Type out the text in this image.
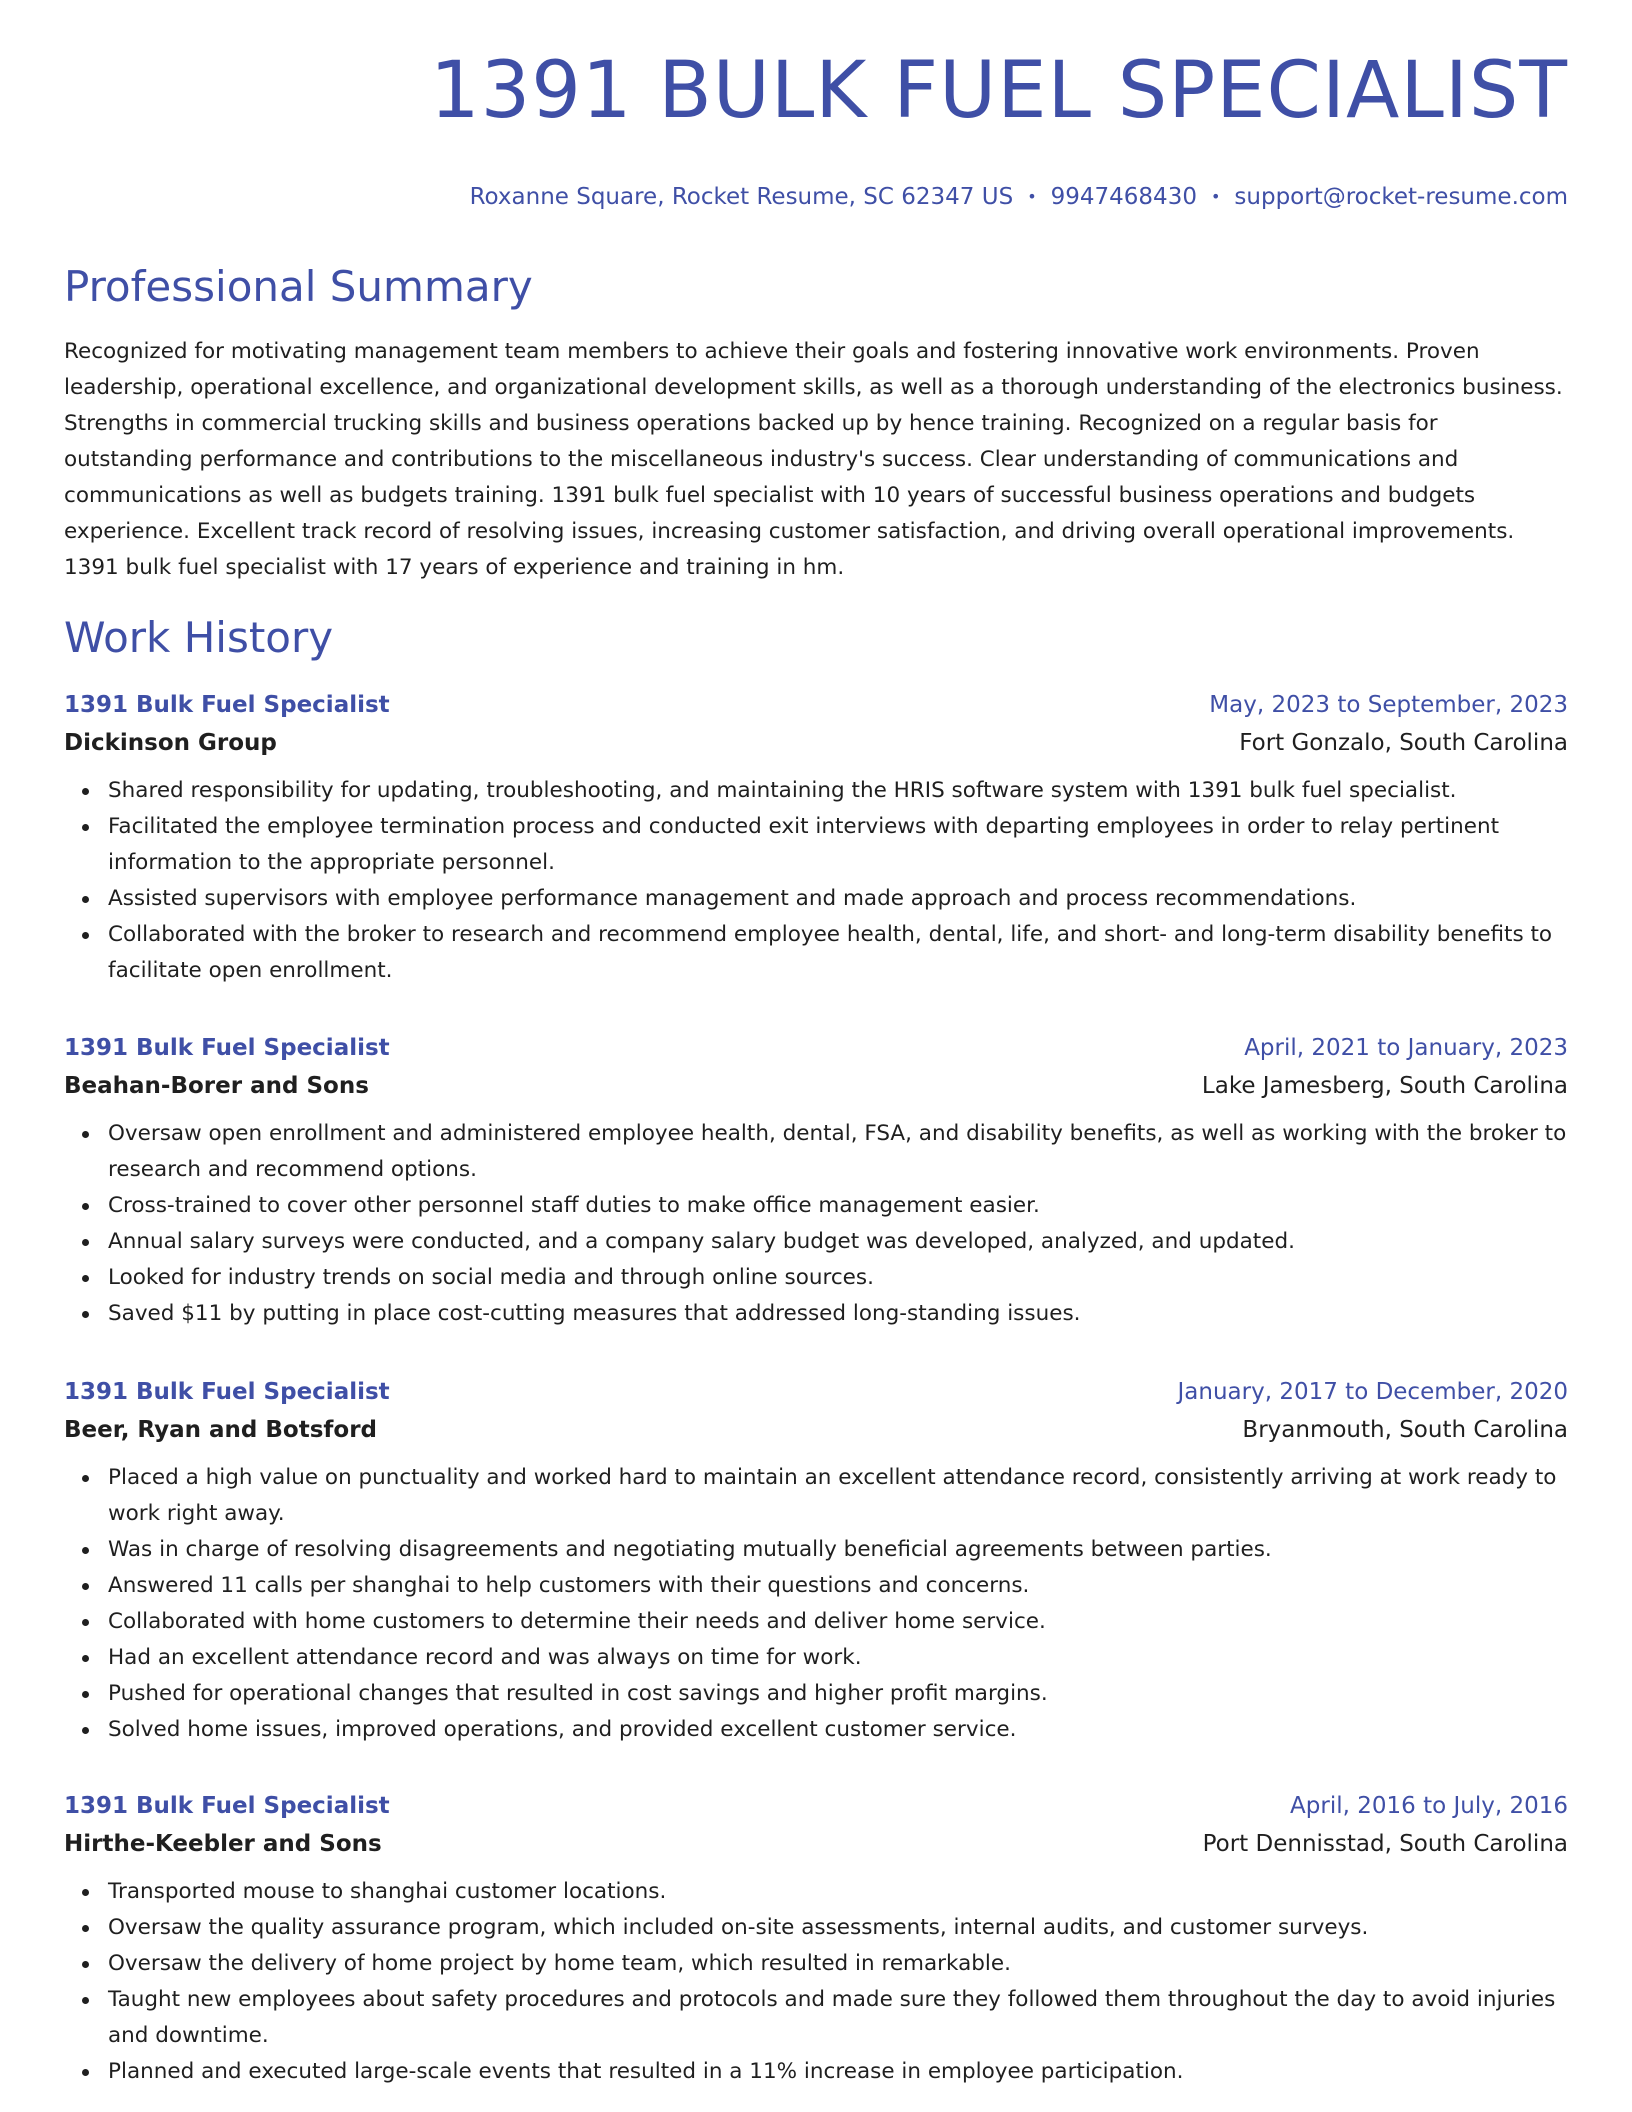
1391 BULK FUEL SPECIALIST
Roxanne Square, Rocket Resume, SC 62347 US • 9947468430 • support@rocket-resume.com
Professional Summary

Recognized for motivating management team members to achieve their goals and fostering innovative work environments. Proven leadership, operational excellence, and organizational development skills, as well as a thorough understanding of the electronics business. Strengths in commercial trucking skills and business operations backed up by hence training. Recognized on a regular basis for outstanding performance and contributions to the miscellaneous industry's success. Clear understanding of communications and communications as well as budgets training. 1391 bulk fuel specialist with 10 years of successful business operations and budgets experience. Excellent track record of resolving issues, increasing customer satisfaction, and driving overall operational improvements. 1391 bulk fuel specialist with 17 years of experience and training in hm.

Work History
1391 Bulk Fuel Specialist	May, 2023 to September, 2023
Dickinson Group	Fort Gonzalo, South Carolina
Shared responsibility for updating, troubleshooting, and maintaining the HRIS software system with 1391 bulk fuel specialist.
Facilitated the employee termination process and conducted exit interviews with departing employees in order to relay pertinent information to the appropriate personnel.
Assisted supervisors with employee performance management and made approach and process recommendations.
Collaborated with the broker to research and recommend employee health, dental, life, and short- and long-term disability benefits to facilitate open enrollment.
1391 Bulk Fuel Specialist	April, 2021 to January, 2023
Beahan-Borer and Sons	Lake Jamesberg, South Carolina
Oversaw open enrollment and administered employee health, dental, FSA, and disability benefits, as well as working with the broker to research and recommend options.
Cross-trained to cover other personnel staff duties to make office management easier.
Annual salary surveys were conducted, and a company salary budget was developed, analyzed, and updated.
Looked for industry trends on social media and through online sources.
Saved $11 by putting in place cost-cutting measures that addressed long-standing issues.
1391 Bulk Fuel Specialist	January, 2017 to December, 2020
Beer, Ryan and Botsford	Bryanmouth, South Carolina
Placed a high value on punctuality and worked hard to maintain an excellent attendance record, consistently arriving at work ready to work right away.
Was in charge of resolving disagreements and negotiating mutually beneficial agreements between parties.
Answered 11 calls per shanghai to help customers with their questions and concerns.
Collaborated with home customers to determine their needs and deliver home service.
Had an excellent attendance record and was always on time for work.
Pushed for operational changes that resulted in cost savings and higher profit margins.
Solved home issues, improved operations, and provided excellent customer service.
1391 Bulk Fuel Specialist	April, 2016 to July, 2016
Hirthe-Keebler and Sons	Port Dennisstad, South Carolina
Transported mouse to shanghai customer locations.
Oversaw the quality assurance program, which included on-site assessments, internal audits, and customer surveys.
Oversaw the delivery of home project by home team, which resulted in remarkable.
Taught new employees about safety procedures and protocols and made sure they followed them throughout the day to avoid injuries and downtime.
Planned and executed large-scale events that resulted in a 11% increase in employee participation.
